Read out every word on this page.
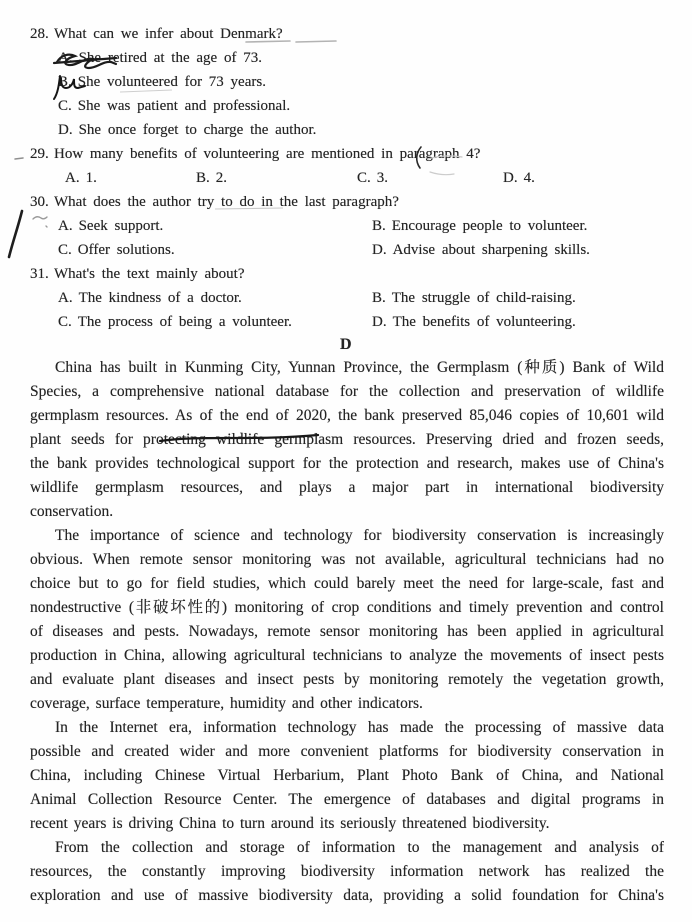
28. What can we infer about Denmark?
A. She retired at the age of 73.
B. She volunteered for 73 years.
C. She was patient and professional.
D. She once forget to charge the author.
29. How many benefits of volunteering are mentioned in paragraph 4?
A. 1.	B. 2.	C. 3.	D. 4.
30. What does the author try to do in the last paragraph?
A. Seek support.	B. Encourage people to volunteer.
C. Offer solutions.	D. Advise about sharpening skills.
31. What's the text mainly about?
A. The kindness of a doctor.	B. The struggle of child-raising.
C. The process of being a volunteer.	D. The benefits of volunteering.
D
China has built in Kunming City, Yunnan Province, the Germplasm (种质) Bank of Wild
Species, a comprehensive national database for the collection and preservation of wildlife
germplasm resources. As of the end of 2020, the bank preserved 85,046 copies of 10,601 wild
plant seeds for protecting wildlife germplasm resources. Preserving dried and frozen seeds,
the bank provides technological support for the protection and research, makes use of China's
wildlife germplasm resources, and plays a major part in international biodiversity
conservation.
The importance of science and technology for biodiversity conservation is increasingly
obvious. When remote sensor monitoring was not available, agricultural technicians had no
choice but to go for field studies, which could barely meet the need for large-scale, fast and
nondestructive (非破坏性的) monitoring of crop conditions and timely prevention and control
of diseases and pests. Nowadays, remote sensor monitoring has been applied in agricultural
production in China, allowing agricultural technicians to analyze the movements of insect pests
and evaluate plant diseases and insect pests by monitoring remotely the vegetation growth,
coverage, surface temperature, humidity and other indicators.
In the Internet era, information technology has made the processing of massive data
possible and created wider and more convenient platforms for biodiversity conservation in
China, including Chinese Virtual Herbarium, Plant Photo Bank of China, and National
Animal Collection Resource Center. The emergence of databases and digital programs in
recent years is driving China to turn around its seriously threatened biodiversity.
From the collection and storage of information to the management and analysis of
resources, the constantly improving biodiversity information network has realized the
exploration and use of massive biodiversity data, providing a solid foundation for China's
